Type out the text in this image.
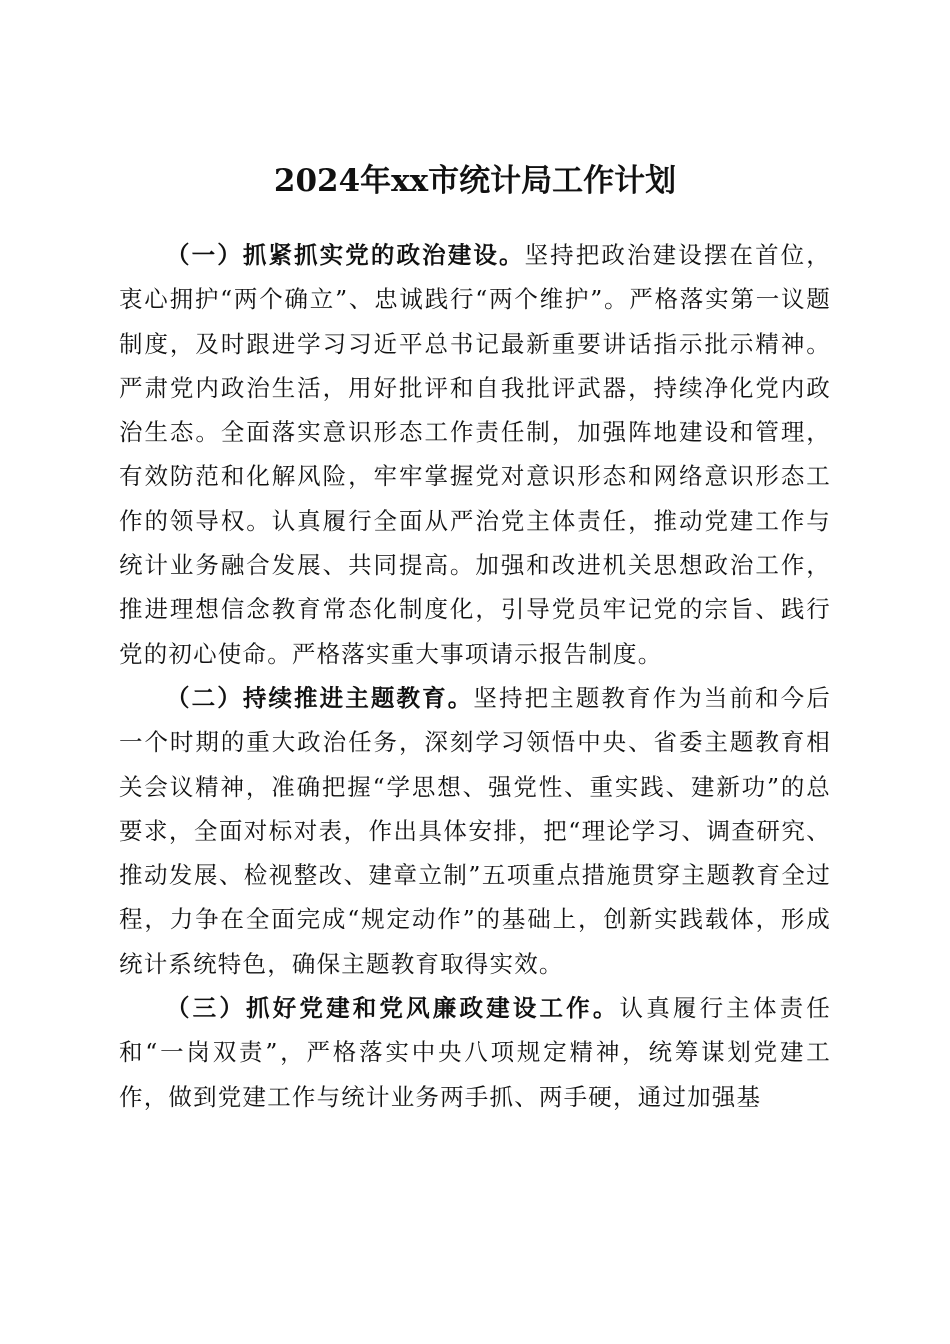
2024年xx市统计局工作计划

（一）抓紧抓实党的政治建设。坚持把政治建设摆在首位，衷心拥护“两个确立”、忠诚践行“两个维护”。严格落实第一议题制度，及时跟进学习习近平总书记最新重要讲话指示批示精神。严肃党内政治生活，用好批评和自我批评武器，持续净化党内政治生态。全面落实意识形态工作责任制，加强阵地建设和管理，有效防范和化解风险，牢牢掌握党对意识形态和网络意识形态工作的领导权。认真履行全面从严治党主体责任，推动党建工作与统计业务融合发展、共同提高。加强和改进机关思想政治工作，推进理想信念教育常态化制度化，引导党员牢记党的宗旨、践行党的初心使命。严格落实重大事项请示报告制度。

（二）持续推进主题教育。坚持把主题教育作为当前和今后一个时期的重大政治任务，深刻学习领悟中央、省委主题教育相关会议精神，准确把握“学思想、强党性、重实践、建新功”的总要求，全面对标对表，作出具体安排，把“理论学习、调查研究、推动发展、检视整改、建章立制”五项重点措施贯穿主题教育全过程，力争在全面完成“规定动作”的基础上，创新实践载体，形成统计系统特色，确保主题教育取得实效。

（三）抓好党建和党风廉政建设工作。认真履行主体责任和“一岗双责”，严格落实中央八项规定精神，统筹谋划党建工作，做到党建工作与统计业务两手抓、两手硬，通过加强基
